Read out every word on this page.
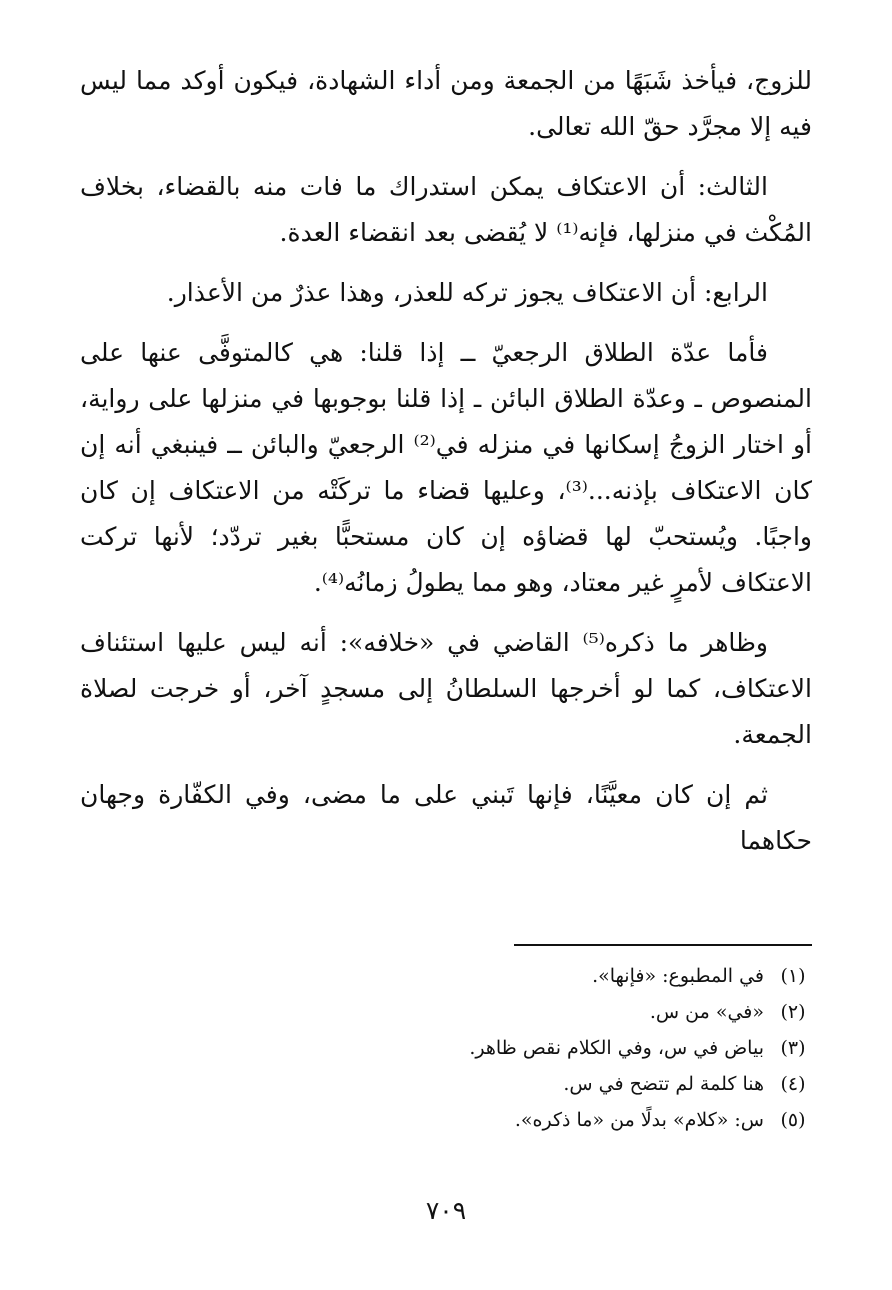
للزوج، فيأخذ شَبَهًا من الجمعة ومن أداء الشهادة، فيكون أوكد مما ليس فيه إلا مجرَّد حقّ الله تعالى.

الثالث: أن الاعتكاف يمكن استدراك ما فات منه بالقضاء، بخلاف المُكْث في منزلها، فإنه⁽¹⁾ لا يُقضى بعد انقضاء العدة.

الرابع: أن الاعتكاف يجوز تركه للعذر، وهذا عذرٌ من الأعذار.

فأما عدّة الطلاق الرجعيّ ــ إذا قلنا: هي كالمتوفَّى عنها على المنصوص ـ وعدّة الطلاق البائن ـ إذا قلنا بوجوبها في منزلها على رواية، أو اختار الزوجُ إسكانها في منزله في⁽²⁾ الرجعيّ والبائن ــ فينبغي أنه إن كان الاعتكاف بإذنه...⁽³⁾، وعليها قضاء ما تركَتْه من الاعتكاف إن كان واجبًا. ويُستحبّ لها قضاؤه إن كان مستحبًّا بغير تردّد؛ لأنها تركت الاعتكاف لأمرٍ غير معتاد، وهو مما يطولُ زمانُه⁽⁴⁾.

وظاهر ما ذكره⁽⁵⁾ القاضي في «خلافه»: أنه ليس عليها استئناف الاعتكاف، كما لو أخرجها السلطانُ إلى مسجدٍ آخر، أو خرجت لصلاة الجمعة.

ثم إن كان معيَّنًا، فإنها تَبني على ما مضى، وفي الكفّارة وجهان حكاهما

(١)
في المطبوع: «فإنها».
(٢)
«في» من س.
(٣)
بياض في س، وفي الكلام نقص ظاهر.
(٤)
هنا كلمة لم تتضح في س.
(٥)
س: «كلام» بدلًا من «ما ذكره».
٧٠٩
